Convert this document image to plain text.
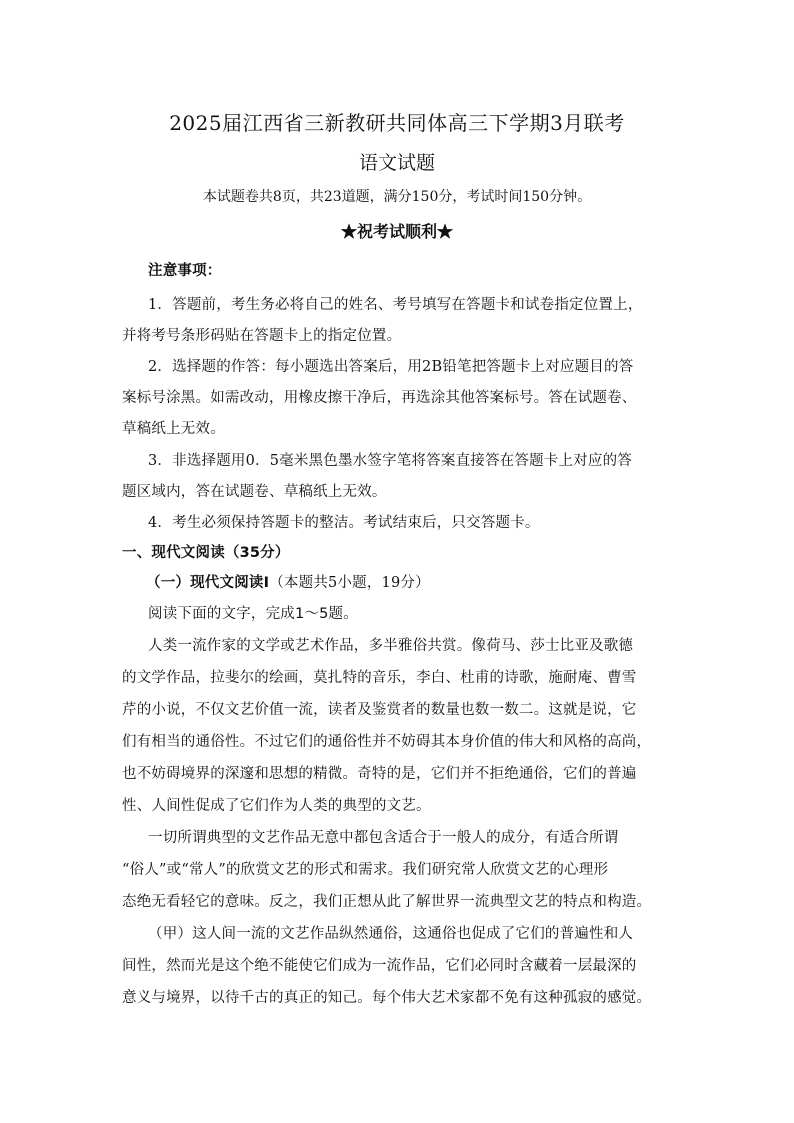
2025届江西省三新教研共同体高三下学期3月联考
语文试题
本试题卷共8页，共23道题，满分150分，考试时间150分钟。
★祝考试顺利★
注意事项：
1．答题前，考生务必将自己的姓名、考号填写在答题卡和试卷指定位置上，
并将考号条形码贴在答题卡上的指定位置。
2．选择题的作答：每小题选出答案后，用2B铅笔把答题卡上对应题目的答
案标号涂黑。如需改动，用橡皮擦干净后，再选涂其他答案标号。答在试题卷、
草稿纸上无效。
3．非选择题用0．5毫米黑色墨水签字笔将答案直接答在答题卡上对应的答
题区域内，答在试题卷、草稿纸上无效。
4．考生必须保持答题卡的整洁。考试结束后，只交答题卡。
一、现代文阅读（35分）
（一）现代文阅读Ⅰ（本题共5小题，19分）
阅读下面的文字，完成1～5题。
人类一流作家的文学或艺术作品，多半雅俗共赏。像荷马、莎士比亚及歌德
的文学作品，拉斐尔的绘画，莫扎特的音乐，李白、杜甫的诗歌，施耐庵、曹雪
芹的小说，不仅文艺价值一流，读者及鉴赏者的数量也数一数二。这就是说，它
们有相当的通俗性。不过它们的通俗性并不妨碍其本身价值的伟大和风格的高尚，
也不妨碍境界的深邃和思想的精微。奇特的是，它们并不拒绝通俗，它们的普遍
性、人间性促成了它们作为人类的典型的文艺。
一切所谓典型的文艺作品无意中都包含适合于一般人的成分，有适合所谓
“俗人”或“常人”的欣赏文艺的形式和需求。我们研究常人欣赏文艺的心理形
态绝无看轻它的意味。反之，我们正想从此了解世界一流典型文艺的特点和构造。
（甲）这人间一流的文艺作品纵然通俗，这通俗也促成了它们的普遍性和人
间性，然而光是这个绝不能使它们成为一流作品，它们必同时含藏着一层最深的
意义与境界，以待千古的真正的知己。每个伟大艺术家都不免有这种孤寂的感觉。
